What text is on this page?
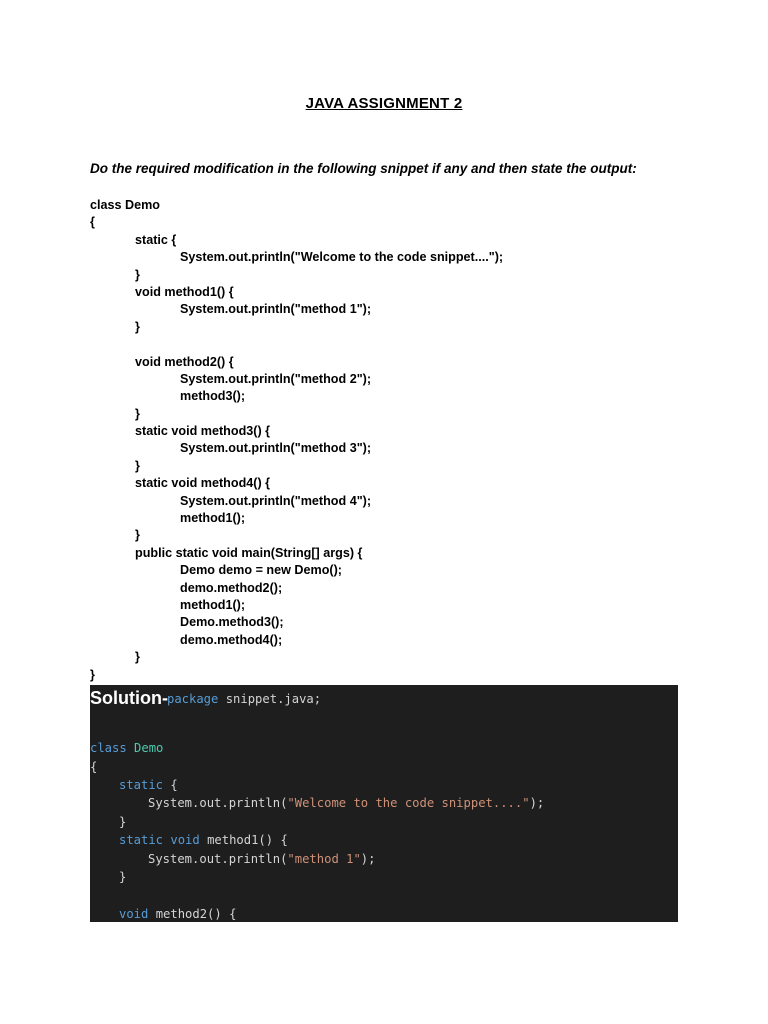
JAVA ASSIGNMENT 2
Do the required modification in the following snippet if any and then state the output:
class Demo
{
static {
System.out.println("Welcome to the code snippet....");
}
void method1() {
System.out.println("method 1");
}
void method2() {
System.out.println("method 2");
method3();
}
static void method3() {
System.out.println("method 3");
}
static void method4() {
System.out.println("method 4");
method1();
}
public static void main(String[] args) {
Demo demo = new Demo();
demo.method2();
method1();
Demo.method3();
demo.method4();
}
}
Solution- package snippet.java;
class Demo
{
static {
System.out.println("Welcome to the code snippet....");
}
static void method1() {
System.out.println("method 1");
}
void method2() {
